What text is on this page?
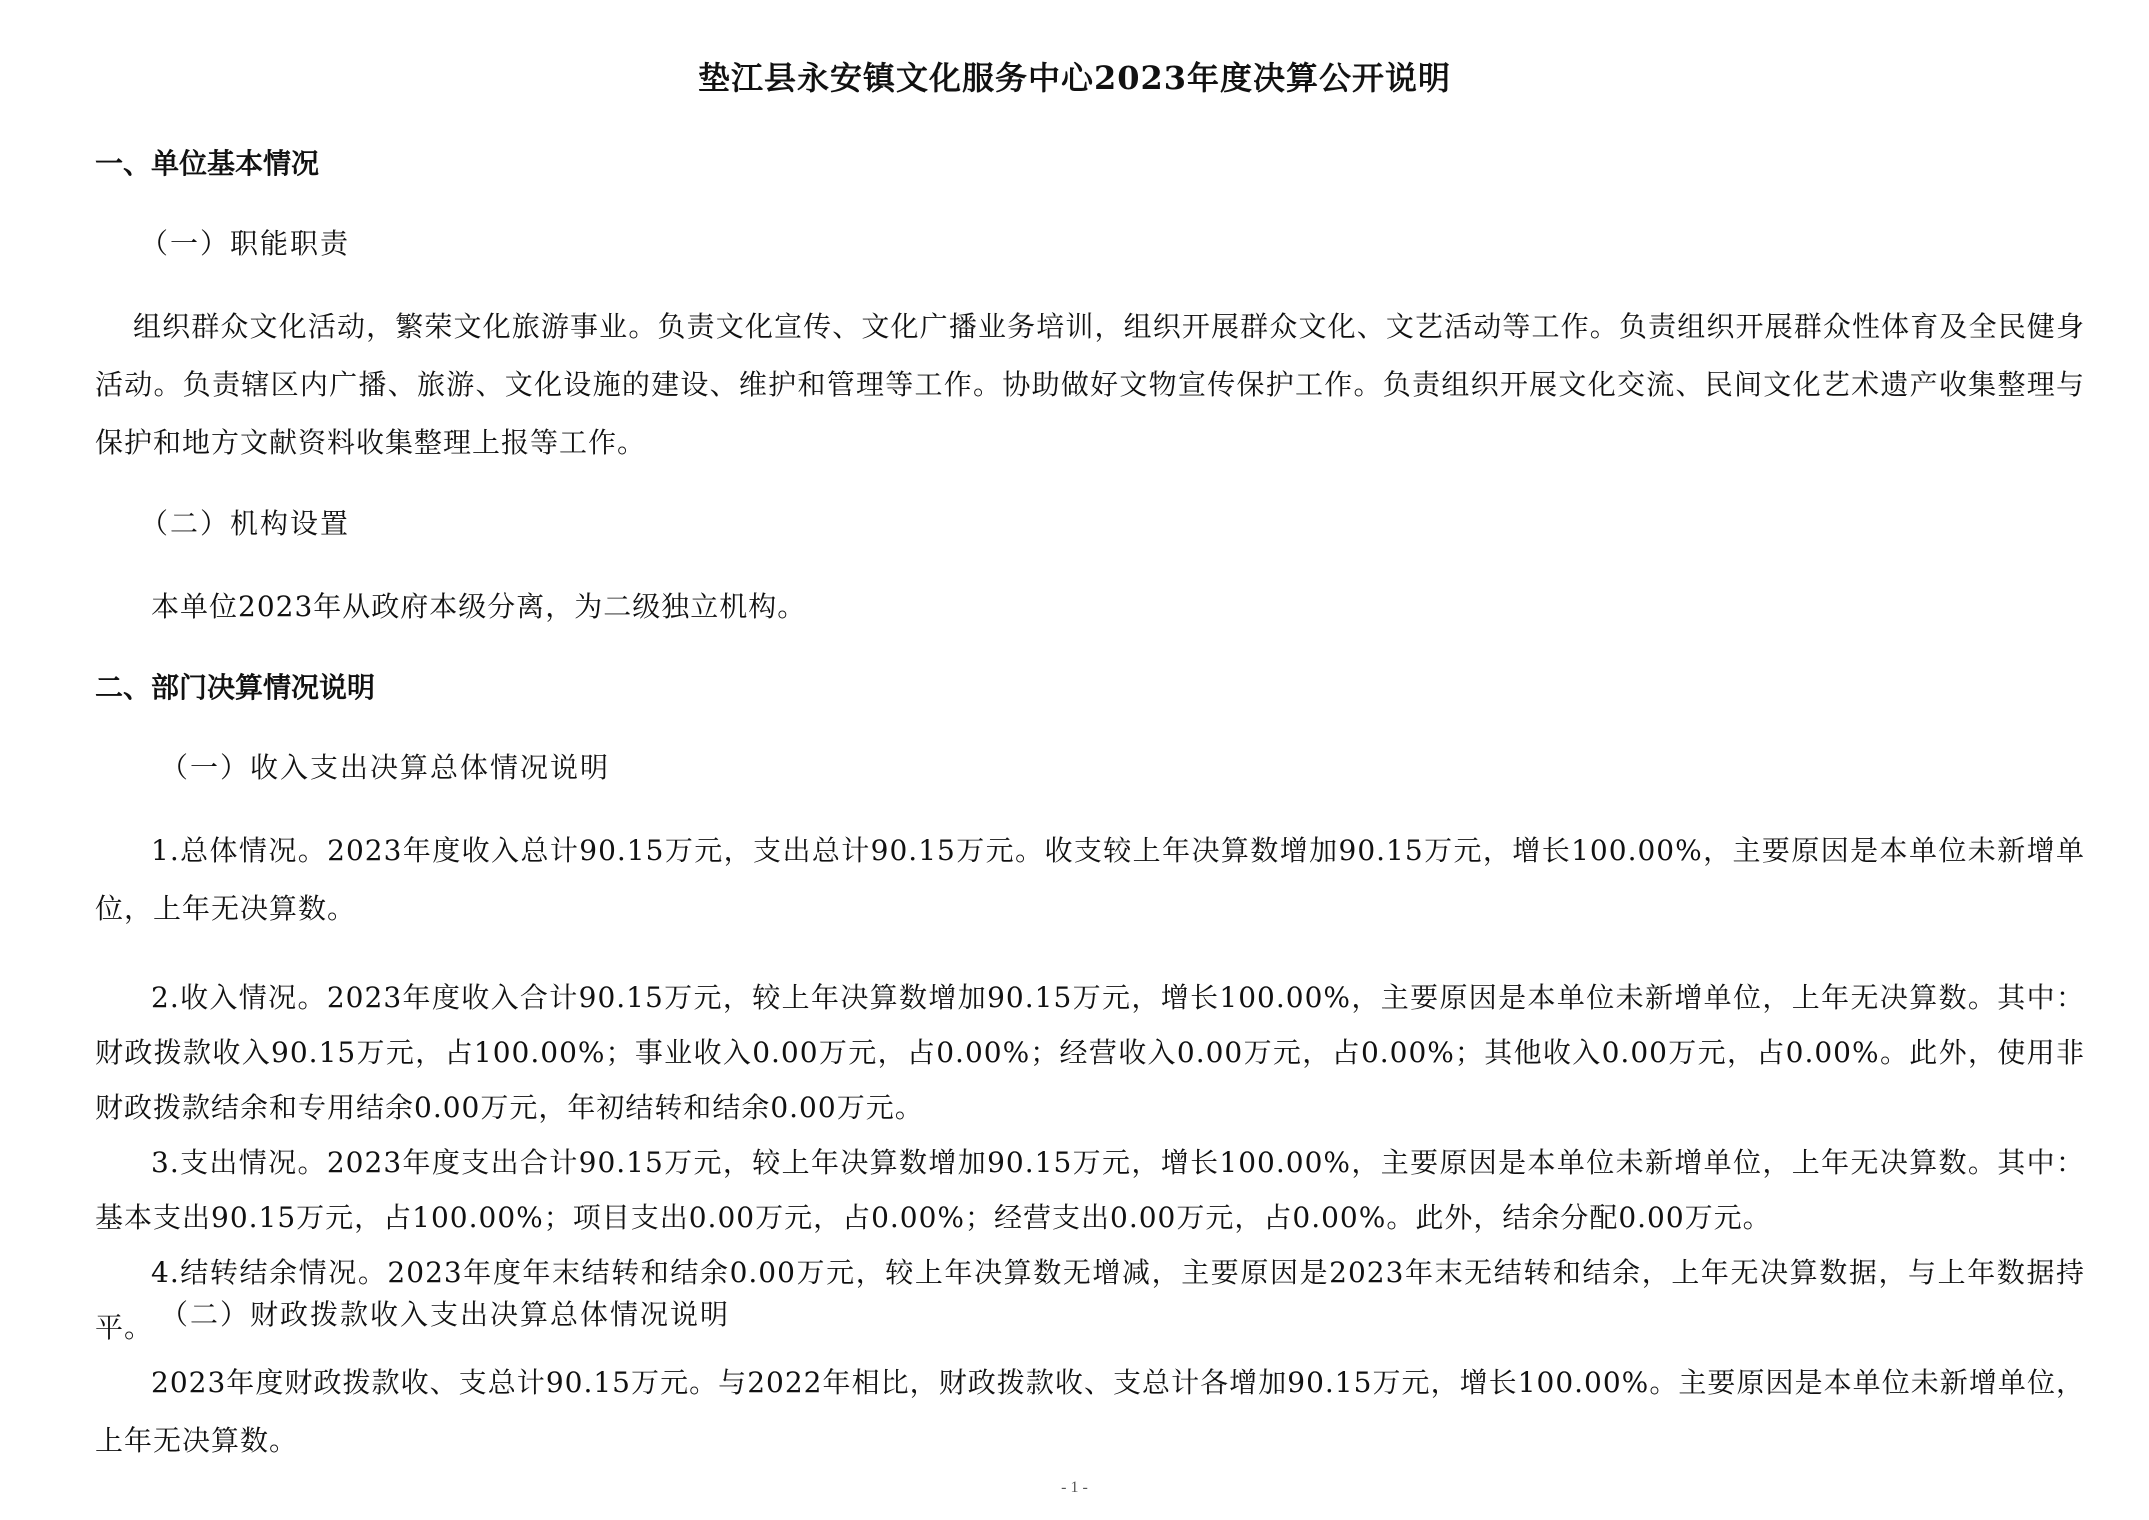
垫江县永安镇文化服务中心2023年度决算公开说明
一、单位基本情况
（一）职能职责
组织群众文化活动，繁荣文化旅游事业。负责文化宣传、文化广播业务培训，组织开展群众文化、文艺活动等工作。负责组织开展群众性体育及全民健身活动。负责辖区内广播、旅游、文化设施的建设、维护和管理等工作。协助做好文物宣传保护工作。负责组织开展文化交流、民间文化艺术遗产收集整理与保护和地方文献资料收集整理上报等工作。
（二）机构设置
本单位2023年从政府本级分离，为二级独立机构。
二、部门决算情况说明
（一）收入支出决算总体情况说明
1.总体情况。2023年度收入总计90.15万元，支出总计90.15万元。收支较上年决算数增加90.15万元，增长100.00%，主要原因是本单位未新增单位，上年无决算数。
2.收入情况。2023年度收入合计90.15万元，较上年决算数增加90.15万元，增长100.00%，主要原因是本单位未新增单位，上年无决算数。其中：财政拨款收入90.15万元，占100.00%；事业收入0.00万元，占0.00%；经营收入0.00万元，占0.00%；其他收入0.00万元，占0.00%。此外，使用非财政拨款结余和专用结余0.00万元，年初结转和结余0.00万元。
3.支出情况。2023年度支出合计90.15万元，较上年决算数增加90.15万元，增长100.00%，主要原因是本单位未新增单位，上年无决算数。其中：基本支出90.15万元，占100.00%；项目支出0.00万元，占0.00%；经营支出0.00万元，占0.00%。此外，结余分配0.00万元。
4.结转结余情况。2023年度年末结转和结余0.00万元，较上年决算数无增减，主要原因是2023年末无结转和结余，上年无决算数据，与上年数据持平。 （二）财政拨款收入支出决算总体情况说明
2023年度财政拨款收、支总计90.15万元。与2022年相比，财政拨款收、支总计各增加90.15万元，增长100.00%。主要原因是本单位未新增单位，上年无决算数。
- 1 -
